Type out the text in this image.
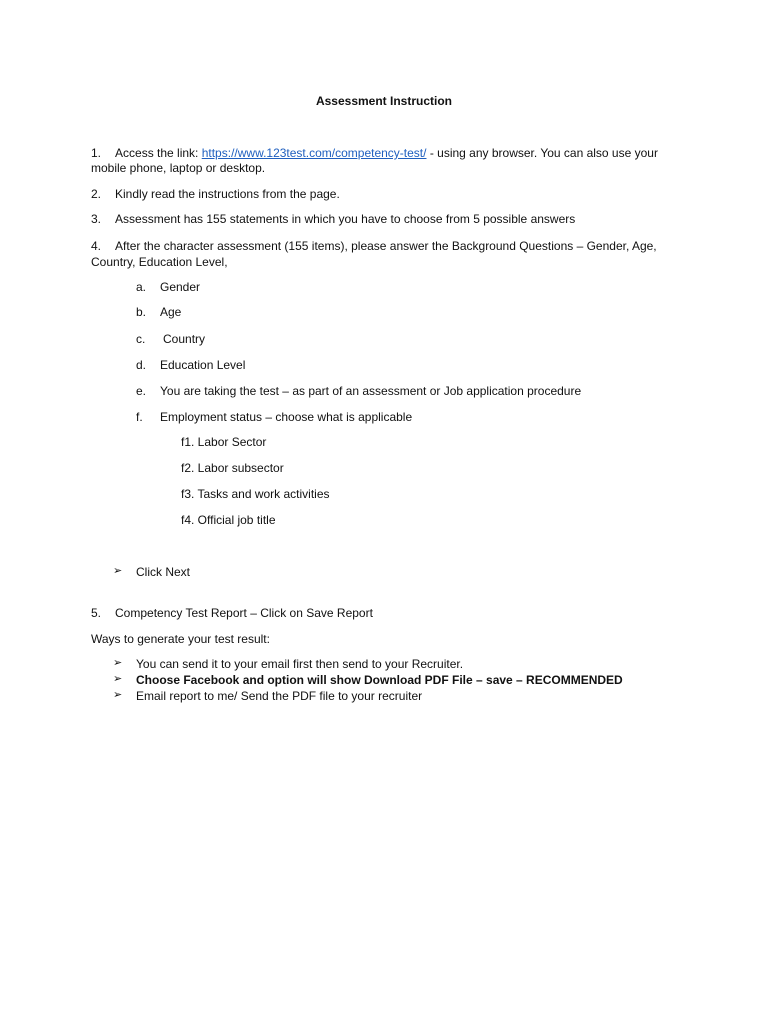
Assessment Instruction
1. Access the link: https://www.123test.com/competency-test/ - using any browser. You can also use your
mobile phone, laptop or desktop.
2. Kindly read the instructions from the page.
3. Assessment has 155 statements in which you have to choose from 5 possible answers
4. After the character assessment (155 items), please answer the Background Questions – Gender, Age,
Country, Education Level,
a. Gender
b. Age
c. Country
d. Education Level
e. You are taking the test – as part of an assessment or Job application procedure
f. Employment status – choose what is applicable
f1. Labor Sector
f2. Labor subsector
f3. Tasks and work activities
f4. Official job title
➢ Click Next
5. Competency Test Report – Click on Save Report
Ways to generate your test result:
➢ You can send it to your email first then send to your Recruiter.
➢ Choose Facebook and option will show Download PDF File – save – RECOMMENDED
➢ Email report to me/ Send the PDF file to your recruiter
